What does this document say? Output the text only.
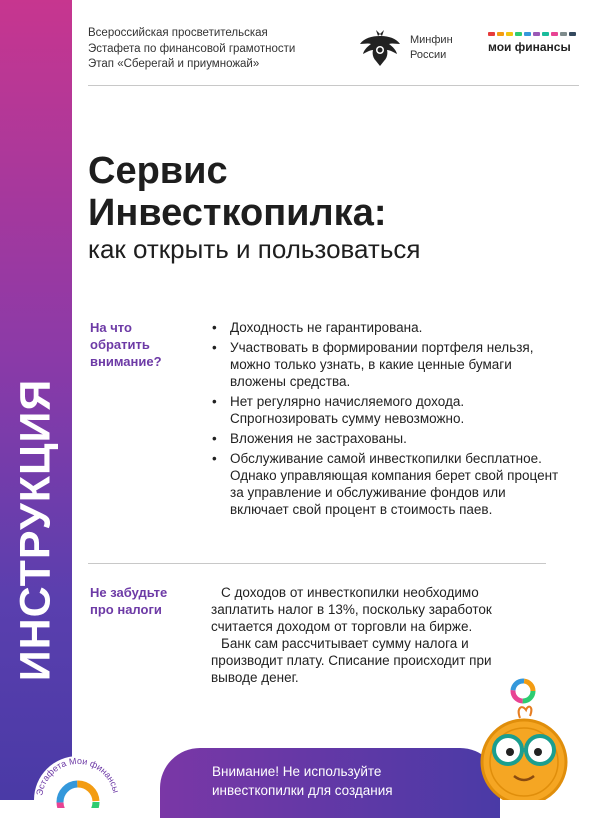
ИНСТРУКЦИЯ
Всероссийская просветительская
Эстафета по финансовой грамотности
Этап «Сберегай и приумножай»
Минфин
России
мои финансы
Сервис
Инвесткопилка:
как открыть и пользоваться
На что
обратить
внимание?
• Доходность не гарантирована.
• Участвовать в формировании портфеля нельзя, можно только узнать, в какие ценные бумаги вложены средства.
• Нет регулярно начисляемого дохода. Спрогнозировать сумму невозможно.
• Вложения не застрахованы.
• Обслуживание самой инвесткопилки бесплатное. Однако управляющая компания берет свой процент за управление и обслуживание фондов или включает свой процент в стоимость паев.
Не забудьте
про налоги

С доходов от инвесткопилки необходимо заплатить налог в 13%, поскольку заработок считается доходом от торговли на бирже.

Банк сам рассчитывает сумму налога и производит плату. Списание происходит при выводе денег.

Внимание! Не используйте
инвесткопилки для создания
Эстафета Мои финансы
